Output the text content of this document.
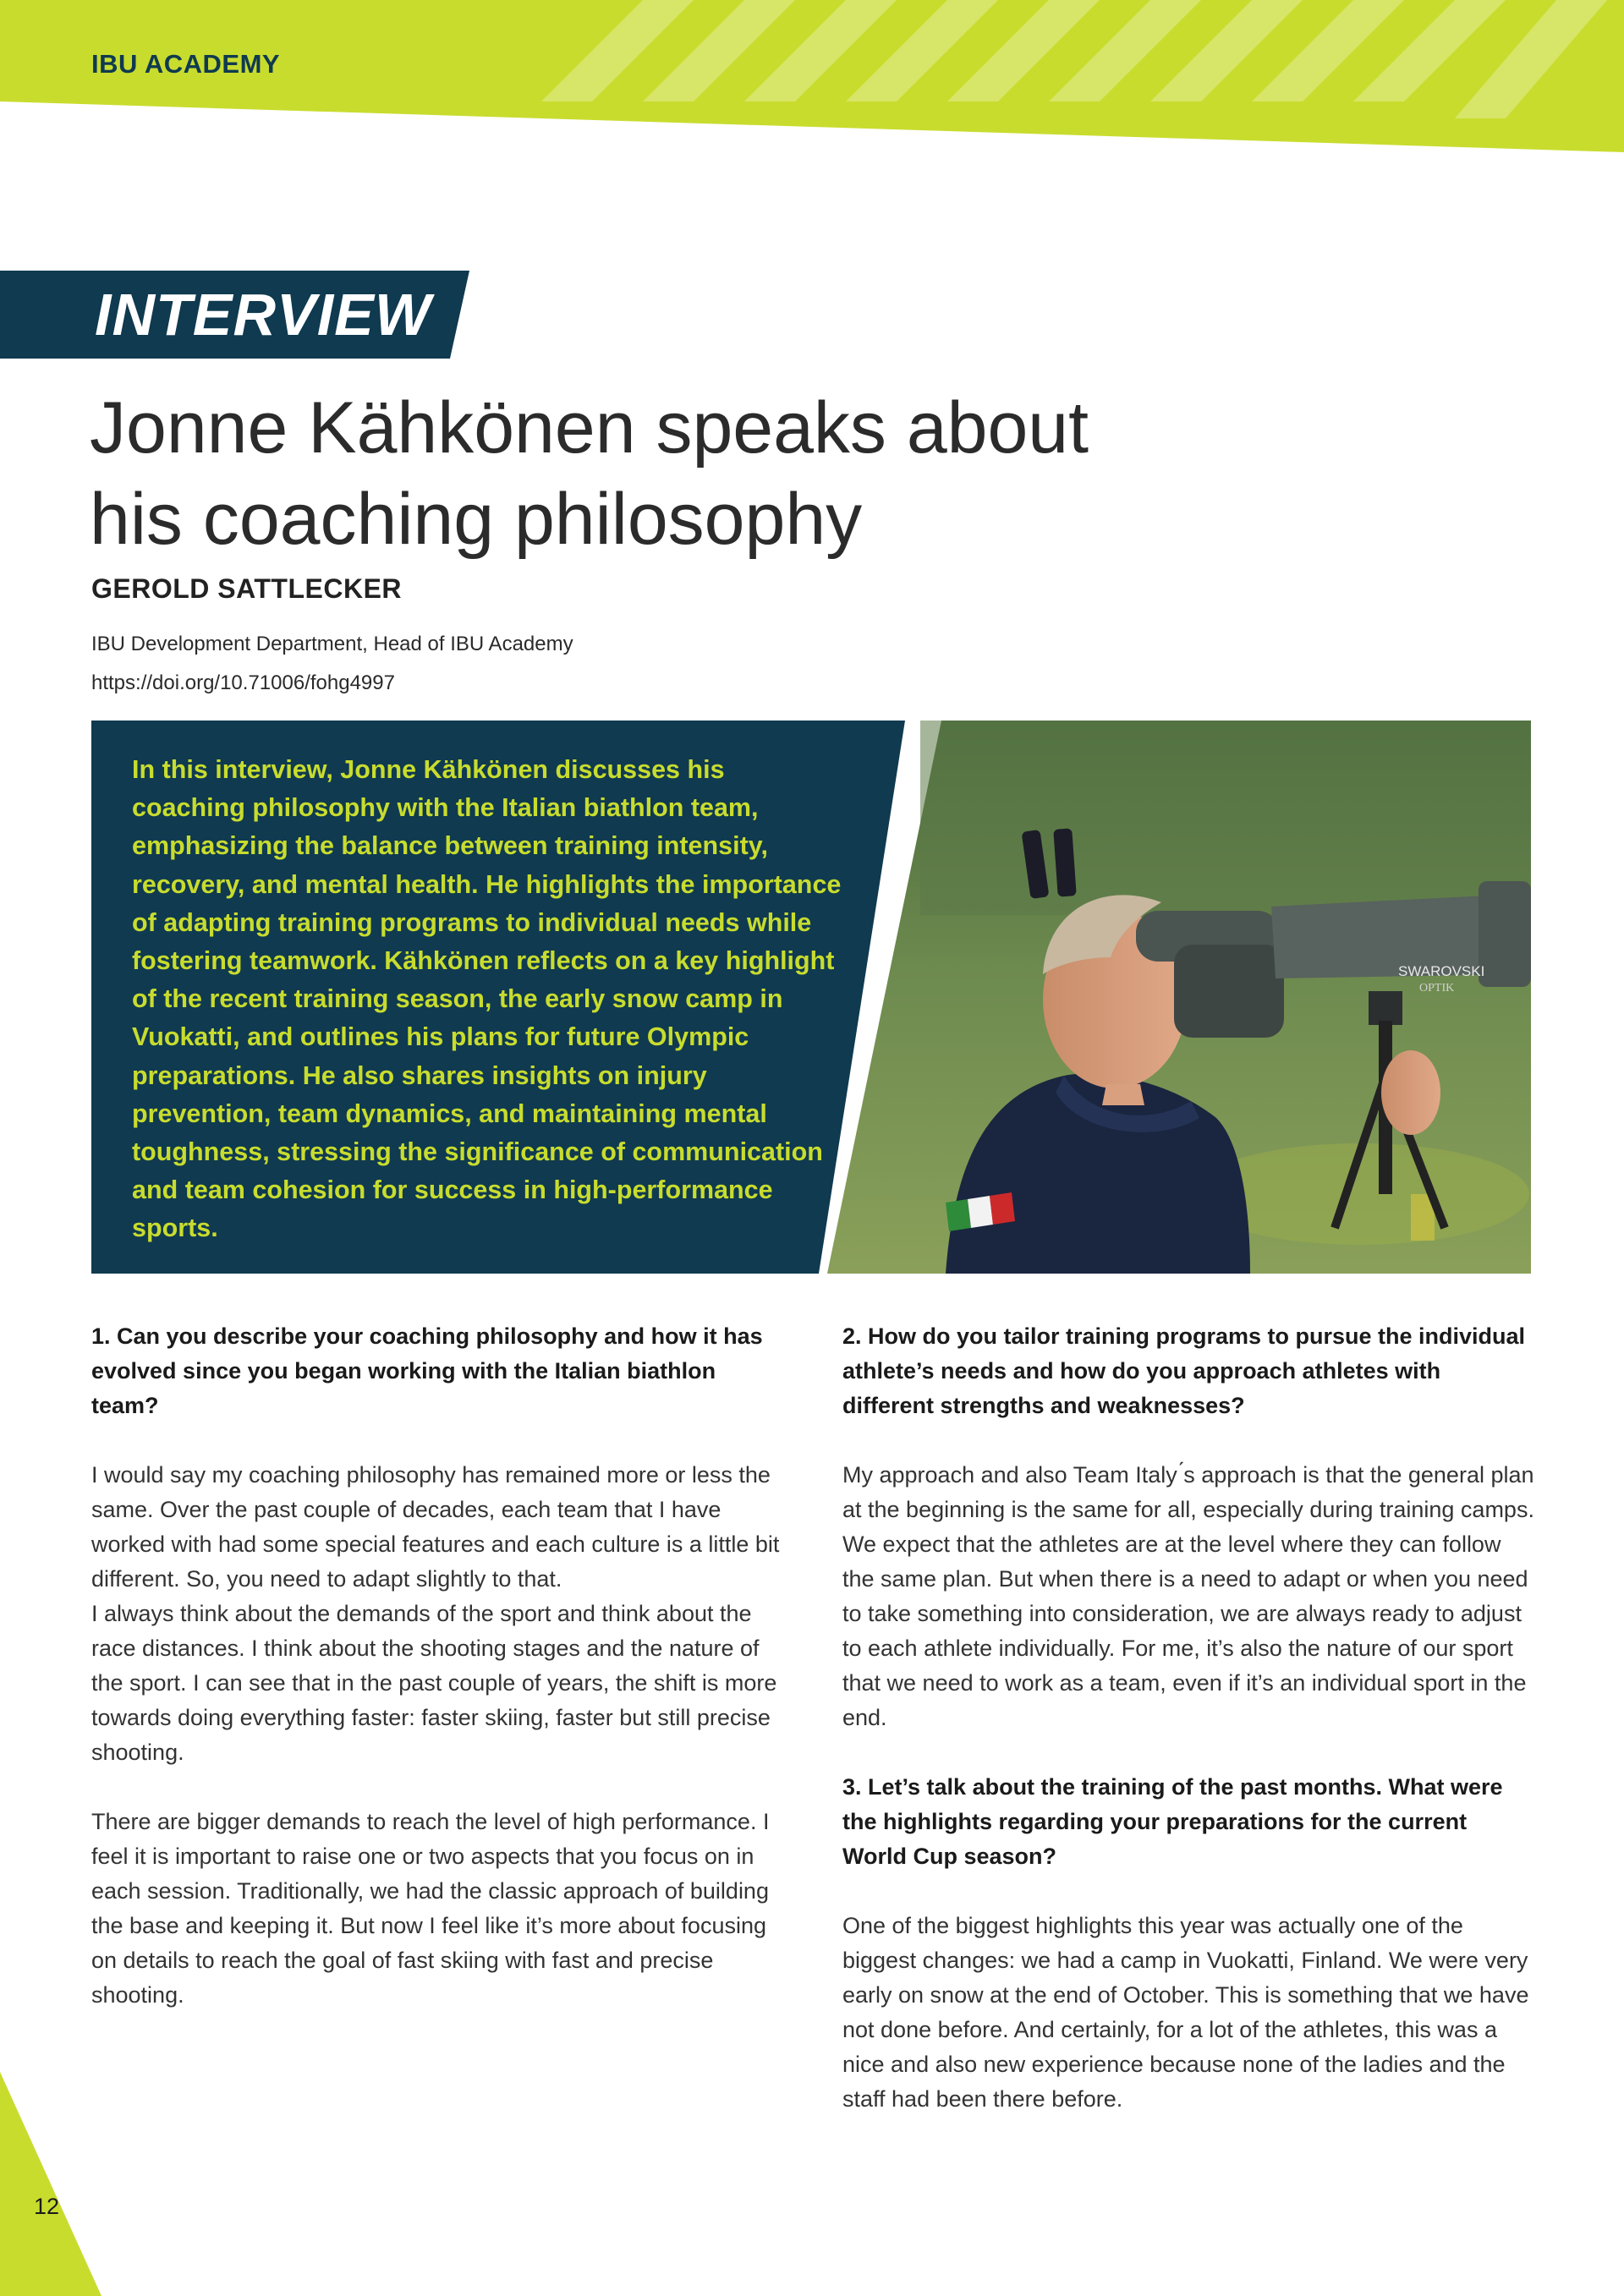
IBU ACADEMY
INTERVIEW
Jonne Kähkönen speaks about
his coaching philosophy
GEROLD SATTLECKER
IBU Development Department, Head of IBU Academy
https://doi.org/10.71006/fohg4997
SWAROVSKI
OPTIK

In this interview, Jonne Kähkönen discusses his coaching philosophy with the Italian biathlon team, emphasizing the balance between training intensity, recovery, and mental health. He highlights the importance of adapting training programs to individual needs while fostering teamwork. Kähkönen reflects on a key highlight of the recent training season, the early snow camp in Vuokatti, and outlines his plans for future Olympic preparations. He also shares insights on injury prevention, team dynamics, and maintaining mental toughness, stressing the significance of communication and team cohesion for success in high-performance sports.

1. Can you describe your coaching philosophy and how it has evolved since you began working with the Italian biathlon team?

I would say my coaching philosophy has remained more or less the same. Over the past couple of decades, each team that I have worked with had some special features and each culture is a little bit different. So, you need to adapt slightly to that.

I always think about the demands of the sport and think about the race distances. I think about the shooting stages and the nature of the sport. I can see that in the past couple of years, the shift is more towards doing everything faster: faster skiing, faster but still precise shooting.

There are bigger demands to reach the level of high performance. I feel it is important to raise one or two aspects that you focus on in each session. Traditionally, we had the classic approach of building the base and keeping it. But now I feel like it’s more about focusing on details to reach the goal of fast skiing with fast and precise shooting.

2. How do you tailor training programs to pursue the individual athlete’s needs and how do you approach athletes with different strengths and weaknesses?

My approach and also Team Italy ́s approach is that the general plan at the beginning is the same for all, especially during training camps. We expect that the athletes are at the level where they can follow the same plan. But when there is a need to adapt or when you need to take something into consideration, we are always ready to adjust to each athlete individually. For me, it’s also the nature of our sport that we need to work as a team, even if it’s an individual sport in the end.

3. Let’s talk about the training of the past months. What were the highlights regarding your preparations for the current World Cup season?

One of the biggest highlights this year was actually one of the biggest changes: we had a camp in Vuokatti, Finland. We were very early on snow at the end of October. This is something that we have not done before. And certainly, for a lot of the athletes, this was a nice and also new experience because none of the ladies and the staff had been there before.

12
